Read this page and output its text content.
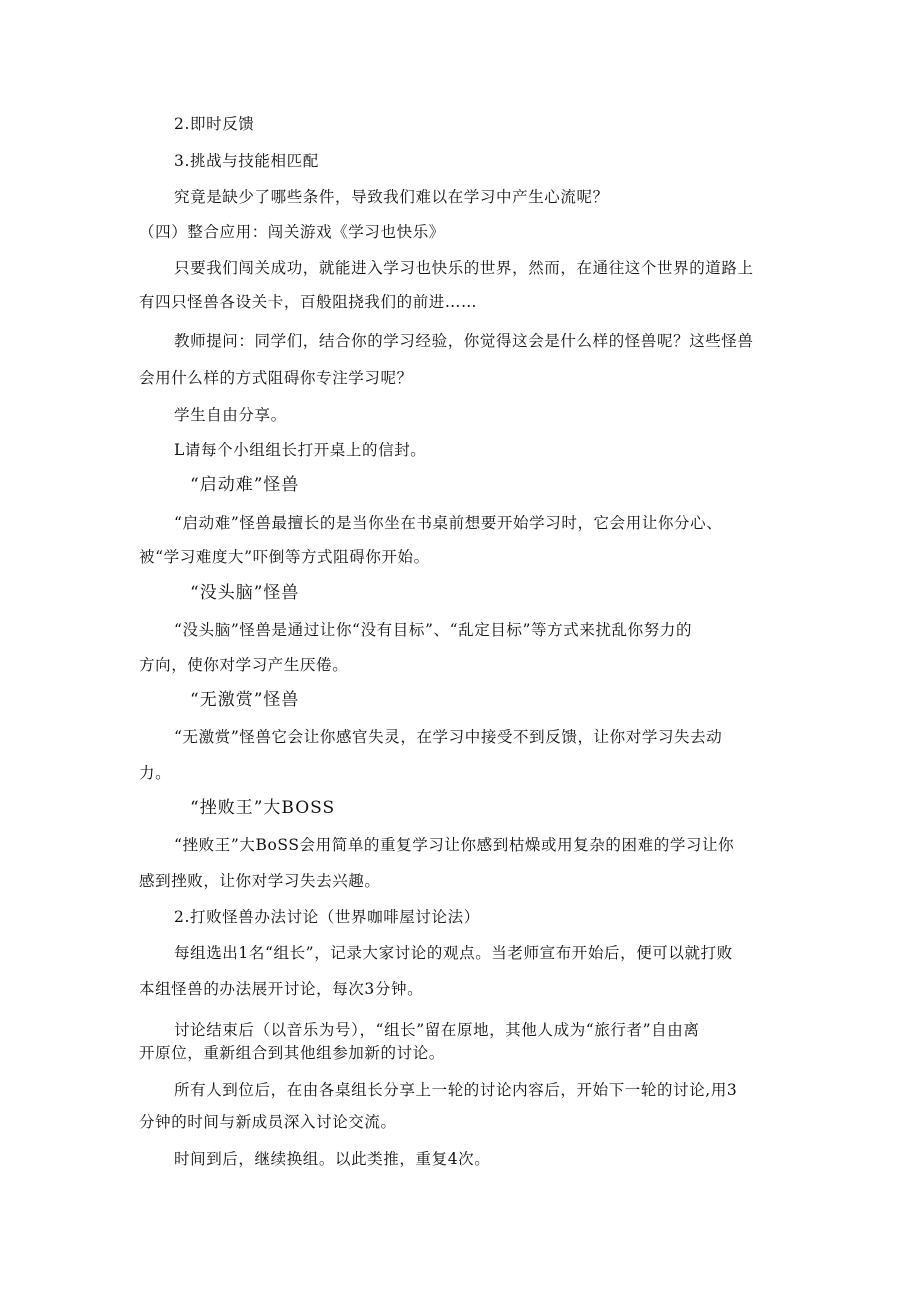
2.即时反馈
3.挑战与技能相匹配
究竟是缺少了哪些条件，导致我们难以在学习中产生心流呢？
（四）整合应用：闯关游戏《学习也快乐》
只要我们闯关成功，就能进入学习也快乐的世界，然而，在通往这个世界的道路上
有四只怪兽各设关卡，百般阻挠我们的前进……
教师提问：同学们，结合你的学习经验，你觉得这会是什么样的怪兽呢？这些怪兽
会用什么样的方式阻碍你专注学习呢？
学生自由分享。
L请每个小组组长打开桌上的信封。
“启动难”怪兽
“启动难”怪兽最擅长的是当你坐在书桌前想要开始学习时，它会用让你分心、
被“学习难度大”吓倒等方式阻碍你开始。
“没头脑”怪兽
“没头脑”怪兽是通过让你“没有目标”、“乱定目标”等方式来扰乱你努力的
方向，使你对学习产生厌倦。
“无激赏”怪兽
“无激赏”怪兽它会让你感官失灵，在学习中接受不到反馈，让你对学习失去动
力。
“挫败王”大BOSS
“挫败王”大BoSS会用简单的重复学习让你感到枯燥或用复杂的困难的学习让你
感到挫败，让你对学习失去兴趣。
2.打败怪兽办法讨论（世界咖啡屋讨论法）
每组选出1名“组长”，记录大家讨论的观点。当老师宣布开始后，便可以就打败
本组怪兽的办法展开讨论，每次3分钟。
讨论结束后（以音乐为号），“组长”留在原地，其他人成为“旅行者”自由离
开原位，重新组合到其他组参加新的讨论。
所有人到位后，在由各桌组长分享上一轮的讨论内容后，开始下一轮的讨论,用3
分钟的时间与新成员深入讨论交流。
时间到后，继续换组。以此类推，重复4次。
